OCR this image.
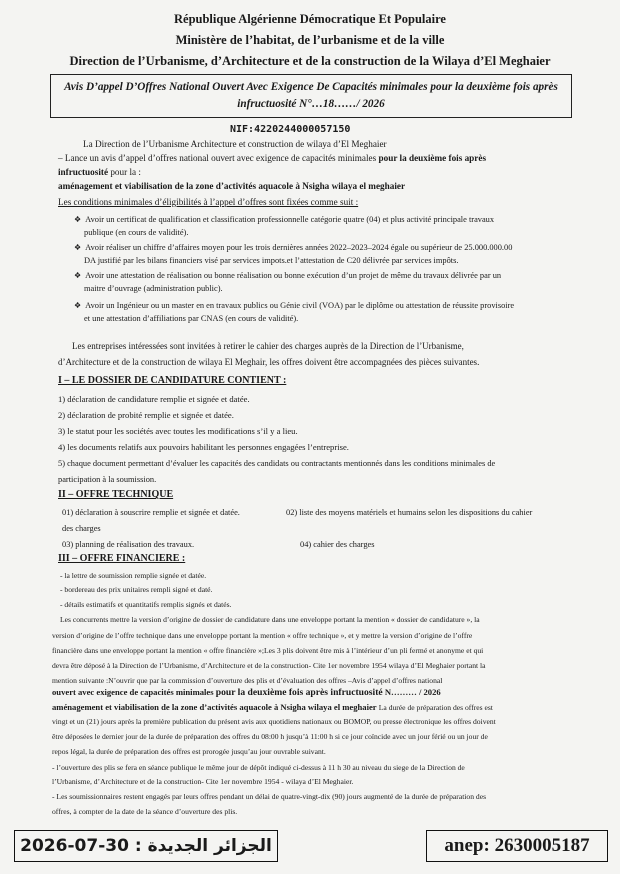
République Algérienne Démocratique Et Populaire
Ministère de l’habitat, de l’urbanisme et de la ville
Direction de l’Urbanisme, d’Architecture et de la construction de la Wilaya d’El Meghaier
Avis D’appel D’Offres National Ouvert Avec Exigence De Capacités minimales pour la deuxième fois après
infructuosité N°…18……/ 2026
NIF:4220244000057150
La Direction de l’Urbanisme Architecture et construction de wilaya d’El Meghaier
– Lance un avis d’appel d’offres national ouvert avec exigence de capacités minimales pour la deuxième fois après
infructuosité pour la :
aménagement et viabilisation de la zone d’activités aquacole à Nsigha wilaya el meghaier
Les conditions minimales d’éligibilités à l’appel d’offres sont fixées comme suit :
❖ Avoir un certificat de qualification et classification professionnelle catégorie quatre (04) et plus activité principale travaux
publique (en cours de validité).
❖ Avoir réaliser un chiffre d’affaires moyen pour les trois dernières années 2022–2023–2024 égale ou supérieur de 25.000.000.00
DA justifié par les bilans financiers visé par services impots.et l’attestation de C20 délivrée par services impôts.
❖ Avoir une attestation de réalisation ou bonne réalisation ou bonne exécution d’un projet de même du travaux délivrée par un
maitre d’ouvrage (administration public).
❖ Avoir un Ingénieur ou un master en en travaux publics ou Génie civil (VOA) par le diplôme ou attestation de réussite provisoire
et une attestation d’affiliations par CNAS (en cours de validité).
Les entreprises intéressées sont invitées à retirer le cahier des charges auprès de la Direction de l’Urbanisme,
d’Architecture et de la construction de wilaya El Meghair, les offres doivent être accompagnées des pièces suivantes.
I – LE DOSSIER DE CANDIDATURE CONTIENT :
1) déclaration de candidature remplie et signée et datée.
2) déclaration de probité remplie et signée et datée.
3) le statut pour les sociétés avec toutes les modifications s’il y a lieu.
4) les documents relatifs aux pouvoirs habilitant les personnes engagées l’entreprise.
5) chaque document permettant d’évaluer les capacités des candidats ou contractants mentionnés dans les conditions minimales de
participation à la soumission.
II – OFFRE TECHNIQUE
01) déclaration à souscrire remplie et signée et datée.	02) liste des moyens matériels et humains selon les dispositions du cahier
des charges
03) planning de réalisation des travaux.	04) cahier des charges
III – OFFRE FINANCIERE :
- la lettre de soumission remplie signée et datée.
- bordereau des prix unitaires rempli signé et daté.
- détails estimatifs et quantitatifs remplis signés et datés.
Les concurrents mettre la version d’origine de dossier de candidature dans une enveloppe portant la mention « dossier de candidature », la
version d’origine de l’offre technique dans une enveloppe portant la mention « offre technique », et y mettre la version d’origine de l’offre
financière dans une enveloppe portant la mention « offre financière »;Les 3 plis doivent être mis à l’intérieur d’un pli fermé et anonyme et qui
devra être déposé à la Direction de l’Urbanisme, d’Architecture et de la construction- Cite 1er novembre 1954 wilaya d’El Meghaier portant la
mention suivante :N’ouvrir que par la commission d’ouverture des plis et d’évaluation des offres –Avis d’appel d’offres national
ouvert avec exigence de capacités minimales pour la deuxième fois après infructuosité N……… / 2026
aménagement et viabilisation de la zone d’activités aquacole à Nsigha wilaya el meghaier La durée de préparation des offres est
vingt et un (21) jours après la première publication du présent avis aux quotidiens nationaux ou BOMOP, ou presse électronique les offres doivent
être déposées le dernier jour de la durée de préparation des offres du 08:00 h jusqu’à 11:00 h si ce jour coïncide avec un jour férié ou un jour de
repos légal, la durée de préparation des offres est prorogée jusqu’au jour ouvrable suivant.
- l’ouverture des plis se fera en séance publique le même jour de dépôt indiqué ci-dessus à 11 h 30 au niveau du siege de la Direction de
l’Urbanisme, d’Architecture et de la construction- Cite 1er novembre 1954 - wilaya d’El Meghaier.
- Les soumissionnaires restent engagés par leurs offres pendant un délai de quatre-vingt-dix (90) jours augmenté de la durée de préparation des
offres, à compter de la date de la séance d’ouverture des plis.
الجزائر الجديدة : 30-07-2026	anep: 2630005187
